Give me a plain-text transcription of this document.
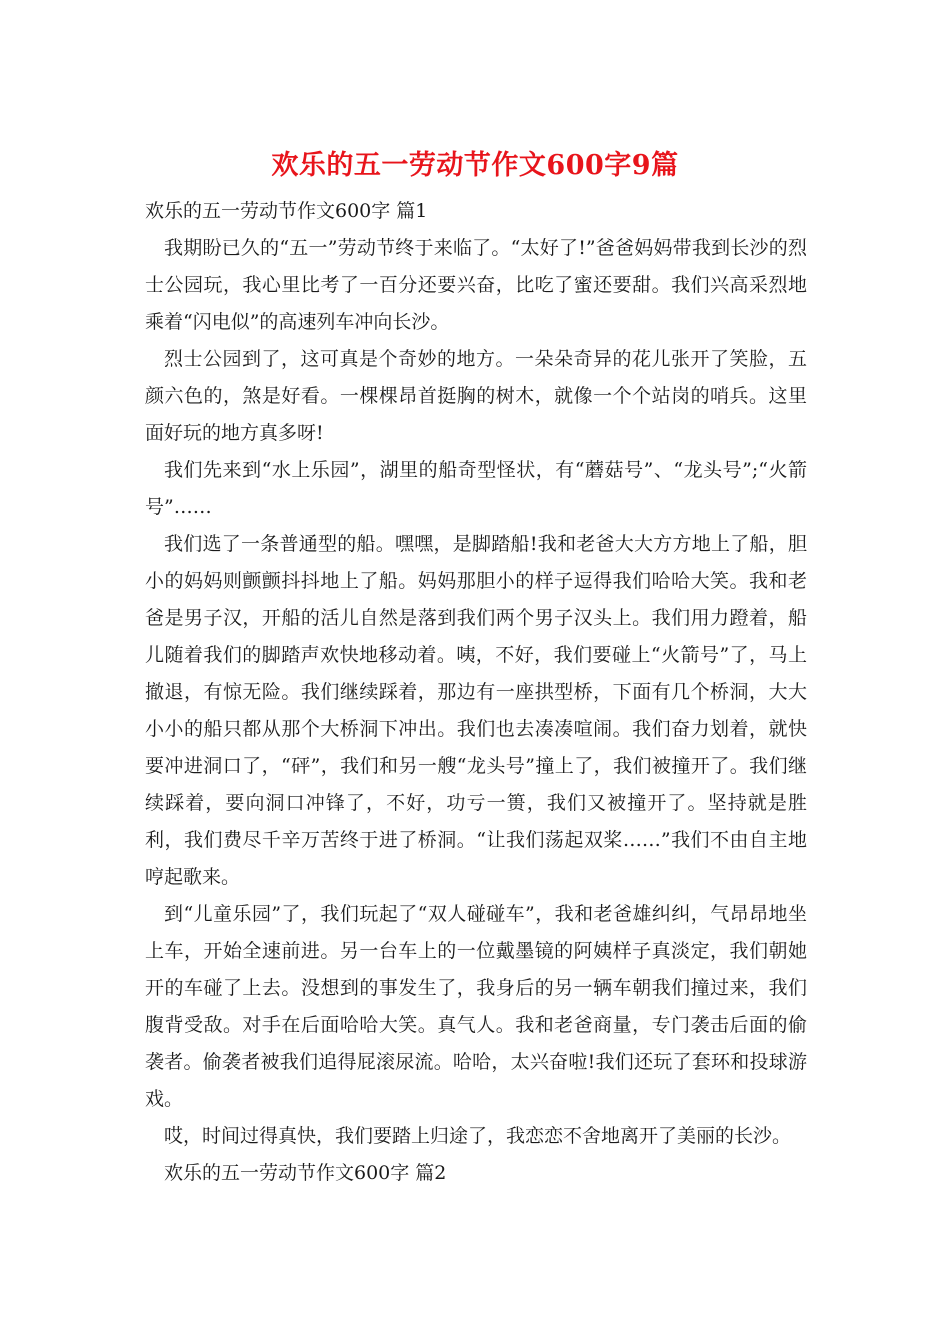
欢乐的五一劳动节作文600字9篇

欢乐的五一劳动节作文600字 篇1

我期盼已久的“五一”劳动节终于来临了。“太好了!”爸爸妈妈带我到长沙的烈士公园玩，我心里比考了一百分还要兴奋，比吃了蜜还要甜。我们兴高采烈地乘着“闪电似”的高速列车冲向长沙。

烈士公园到了，这可真是个奇妙的地方。一朵朵奇异的花儿张开了笑脸，五颜六色的，煞是好看。一棵棵昂首挺胸的树木，就像一个个站岗的哨兵。这里面好玩的地方真多呀!

我们先来到“水上乐园”，湖里的船奇型怪状，有“蘑菇号”、“龙头号”;“火箭号”……

我们选了一条普通型的船。嘿嘿，是脚踏船!我和老爸大大方方地上了船，胆小的妈妈则颤颤抖抖地上了船。妈妈那胆小的样子逗得我们哈哈大笑。我和老爸是男子汉，开船的活儿自然是落到我们两个男子汉头上。我们用力蹬着，船儿随着我们的脚踏声欢快地移动着。咦，不好，我们要碰上“火箭号”了，马上撤退，有惊无险。我们继续踩着，那边有一座拱型桥，下面有几个桥洞，大大小小的船只都从那个大桥洞下冲出。我们也去凑凑喧闹。我们奋力划着，就快要冲进洞口了，“砰”，我们和另一艘“龙头号”撞上了，我们被撞开了。我们继续踩着，要向洞口冲锋了，不好，功亏一篑，我们又被撞开了。坚持就是胜利，我们费尽千辛万苦终于进了桥洞。“让我们荡起双桨……”我们不由自主地哼起歌来。

到“儿童乐园”了，我们玩起了“双人碰碰车”，我和老爸雄纠纠，气昂昂地坐上车，开始全速前进。另一台车上的一位戴墨镜的阿姨样子真淡定，我们朝她开的车碰了上去。没想到的事发生了，我身后的另一辆车朝我们撞过来，我们腹背受敌。对手在后面哈哈大笑。真气人。我和老爸商量，专门袭击后面的偷袭者。偷袭者被我们追得屁滚尿流。哈哈，太兴奋啦!我们还玩了套环和投球游戏。

哎，时间过得真快，我们要踏上归途了，我恋恋不舍地离开了美丽的长沙。

欢乐的五一劳动节作文600字 篇2
